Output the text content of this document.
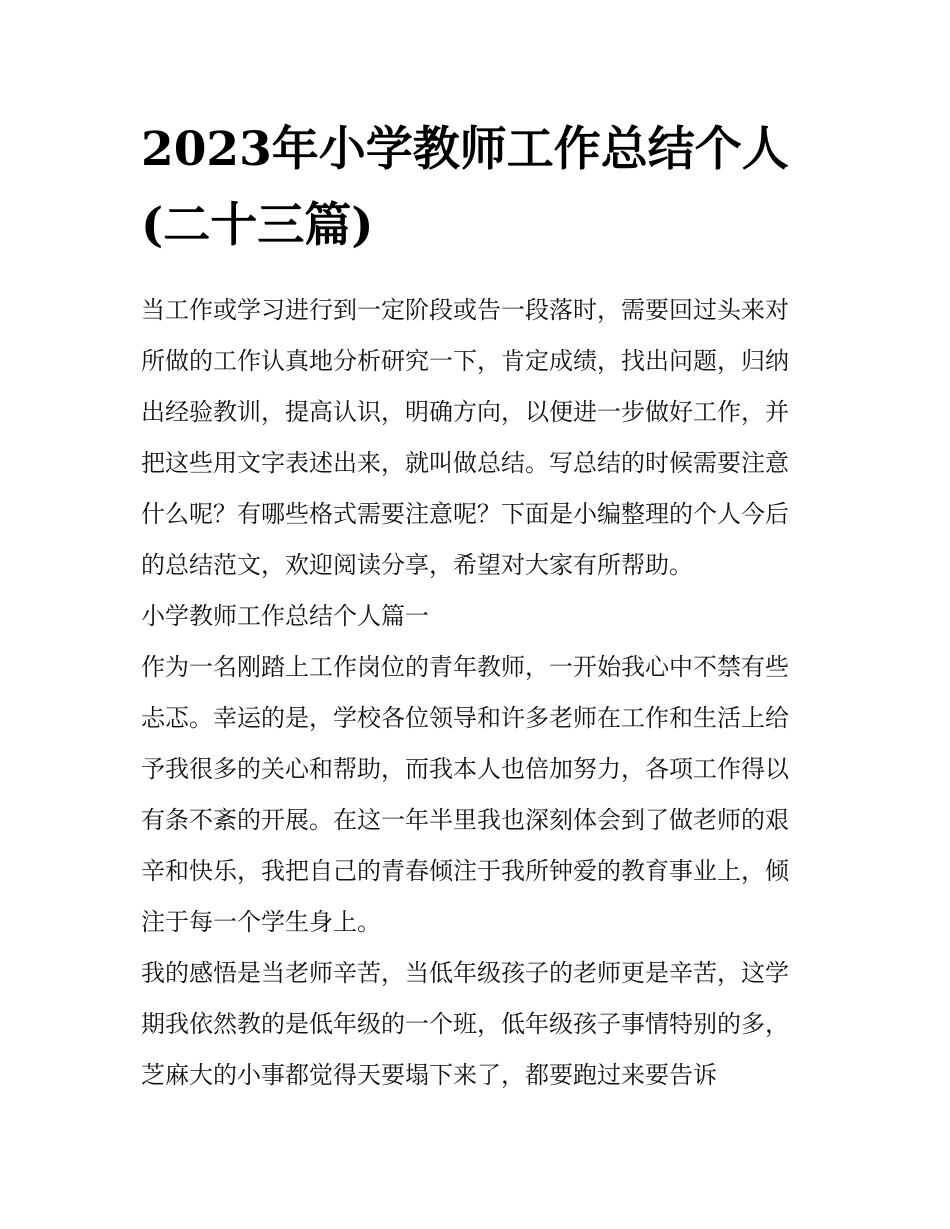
2023年小学教师工作总结个人
(二十三篇)
当工作或学习进行到一定阶段或告一段落时，需要回过头来对
所做的工作认真地分析研究一下，肯定成绩，找出问题，归纳
出经验教训，提高认识，明确方向，以便进一步做好工作，并
把这些用文字表述出来，就叫做总结。写总结的时候需要注意
什么呢？有哪些格式需要注意呢？下面是小编整理的个人今后
的总结范文，欢迎阅读分享，希望对大家有所帮助。
小学教师工作总结个人篇一
作为一名刚踏上工作岗位的青年教师，一开始我心中不禁有些
忐忑。幸运的是，学校各位领导和许多老师在工作和生活上给
予我很多的关心和帮助，而我本人也倍加努力，各项工作得以
有条不紊的开展。在这一年半里我也深刻体会到了做老师的艰
辛和快乐，我把自己的青春倾注于我所钟爱的教育事业上，倾
注于每一个学生身上。
我的感悟是当老师辛苦，当低年级孩子的老师更是辛苦，这学
期我依然教的是低年级的一个班，低年级孩子事情特别的多，
芝麻大的小事都觉得天要塌下来了，都要跑过来要告诉
